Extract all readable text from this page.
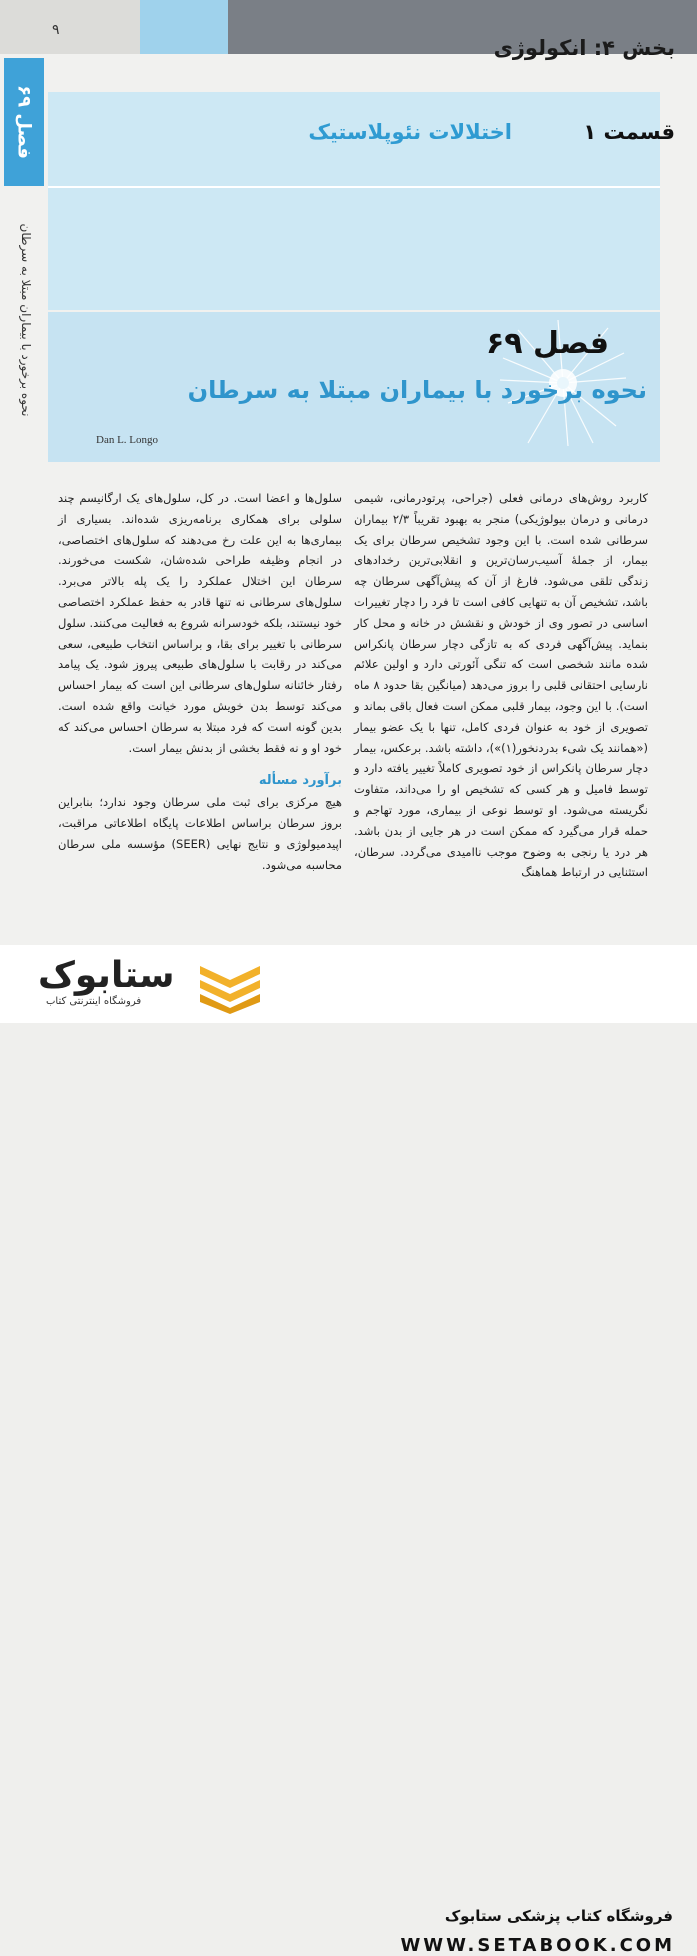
۹
فصل ۶۹
نحوه برخورد با بیماران مبتلا به سرطان
بخش ۴: انکولوژی
قسمت ۱
اختلالات نئوپلاستیک
فصل ۶۹
نحوه برخورد با بیماران مبتلا به سرطان
Dan L. Longo

کاربرد روش‌های درمانی فعلی (جراحی، پرتودرمانی، شیمی درمانی و درمان بیولوژیکی) منجر به بهبود تقریباً ۲/۳ بیماران سرطانی شده است. با این وجود تشخیص سرطان برای یک بیمار، از جملهٔ آسیب‌رسان‌ترین و انقلابی‌ترین رخدادهای زندگی تلقی می‌شود. فارغ از آن که پیش‌آگهی سرطان چه باشد، تشخیص آن به تنهایی کافی است تا فرد را دچار تغییرات اساسی در تصور وی از خودش و نقشش در خانه و محل کار بنماید. پیش‌آگهی فردی که به تازگی دچار سرطان پانکراس شده مانند شخصی است که تنگی آئورتی دارد و اولین علائم نارسایی احتقانی قلبی را بروز می‌دهد (میانگین بقا حدود ۸ ماه است). با این وجود، بیمار قلبی ممکن است فعال باقی بماند و تصویری از خود به عنوان فردی کامل، تنها با یک عضو بیمار («همانند یک شیء بدردنخور(۱)»)، داشته باشد. برعکس، بیمار دچار سرطان پانکراس از خود تصویری کاملاً تغییر یافته دارد و توسط فامیل و هر کسی که تشخیص او را می‌داند، متفاوت نگریسته می‌شود. او توسط نوعی از بیماری، مورد تهاجم و حمله قرار می‌گیرد که ممکن است در هر جایی از بدن باشد. هر درد یا رنجی به وضوح موجب ناامیدی می‌گردد. سرطان، استثنایی در ارتباط هماهنگ

سلول‌ها و اعضا است. در کل، سلول‌های یک ارگانیسم چند سلولی برای همکاری برنامه‌ریزی شده‌اند. بسیاری از بیماری‌ها به این علت رخ می‌دهند که سلول‌های اختصاصی، در انجام وظیفه طراحی شده‌شان، شکست می‌خورند. سرطان این اختلال عملکرد را یک پله بالاتر می‌برد. سلول‌های سرطانی نه تنها قادر به حفظ عملکرد اختصاصی خود نیستند، بلکه خودسرانه شروع به فعالیت می‌کنند. سلول سرطانی با تغییر برای بقا، و براساس انتخاب طبیعی، سعی می‌کند در رقابت با سلول‌های طبیعی پیروز شود. یک پیامد رفتار خائنانه سلول‌های سرطانی این است که بیمار احساس می‌کند توسط بدن خویش مورد خیانت واقع شده است. بدین گونه است که فرد مبتلا به سرطان احساس می‌کند که خود او و نه فقط بخشی از بدنش بیمار است.

برآورد مسأله

هیچ مرکزی برای ثبت ملی سرطان وجود ندارد؛ بنابراین بروز سرطان براساس اطلاعات پایگاه اطلاعاتی مراقبت، اپیدمیولوژی و نتایج نهایی (SEER) مؤسسه ملی سرطان محاسبه می‌شود.

فروشگاه کتاب پزشکی ستابوک
WWW.SETABOOK.COM
ستابوک
فروشگاه اینترنتی کتاب
